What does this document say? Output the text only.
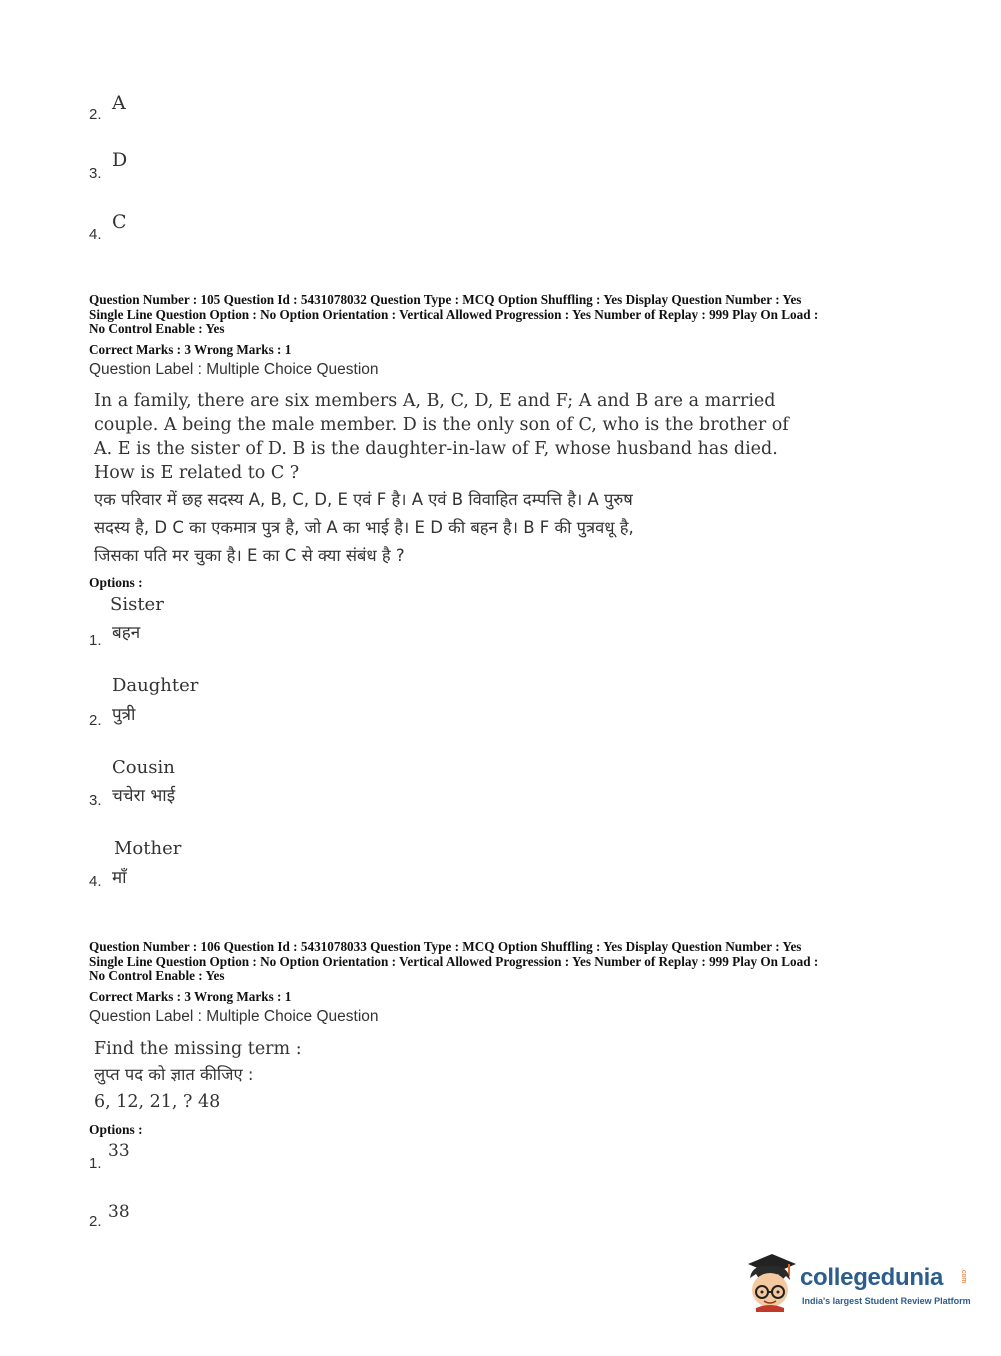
2.
A
3.
D
4.
C
Question Number : 105 Question Id : 5431078032 Question Type : MCQ Option Shuffling : Yes Display Question Number : Yes
Single Line Question Option : No Option Orientation : Vertical Allowed Progression : Yes Number of Replay : 999 Play On Load :
No Control Enable : Yes
Correct Marks : 3 Wrong Marks : 1
Question Label : Multiple Choice Question
In a family, there are six members A, B, C, D, E and F; A and B are a married
couple. A being the male member. D is the only son of C, who is the brother of
A. E is the sister of D. B is the daughter-in-law of F, whose husband has died.
How is E related to C ?
एक परिवार में छह सदस्य A, B, C, D, E एवं F है। A एवं B विवाहित दम्पत्ति है। A पुरुष
सदस्य है, D C का एकमात्र पुत्र है, जो A का भाई है। E D की बहन है। B F की पुत्रवधू है,
जिसका पति मर चुका है। E का C से क्या संबंध है ?
Options :
Sister
बहन
1.
Daughter
पुत्री
2.
Cousin
चचेरा भाई
3.
Mother
माँ
4.
Question Number : 106 Question Id : 5431078033 Question Type : MCQ Option Shuffling : Yes Display Question Number : Yes
Single Line Question Option : No Option Orientation : Vertical Allowed Progression : Yes Number of Replay : 999 Play On Load :
No Control Enable : Yes
Correct Marks : 3 Wrong Marks : 1
Question Label : Multiple Choice Question
Find the missing term :
लुप्त पद को ज्ञात कीजिए :
6, 12, 21, ? 48
Options :
33
1.
38
2.
collegedunia .com
India's largest Student Review Platform
